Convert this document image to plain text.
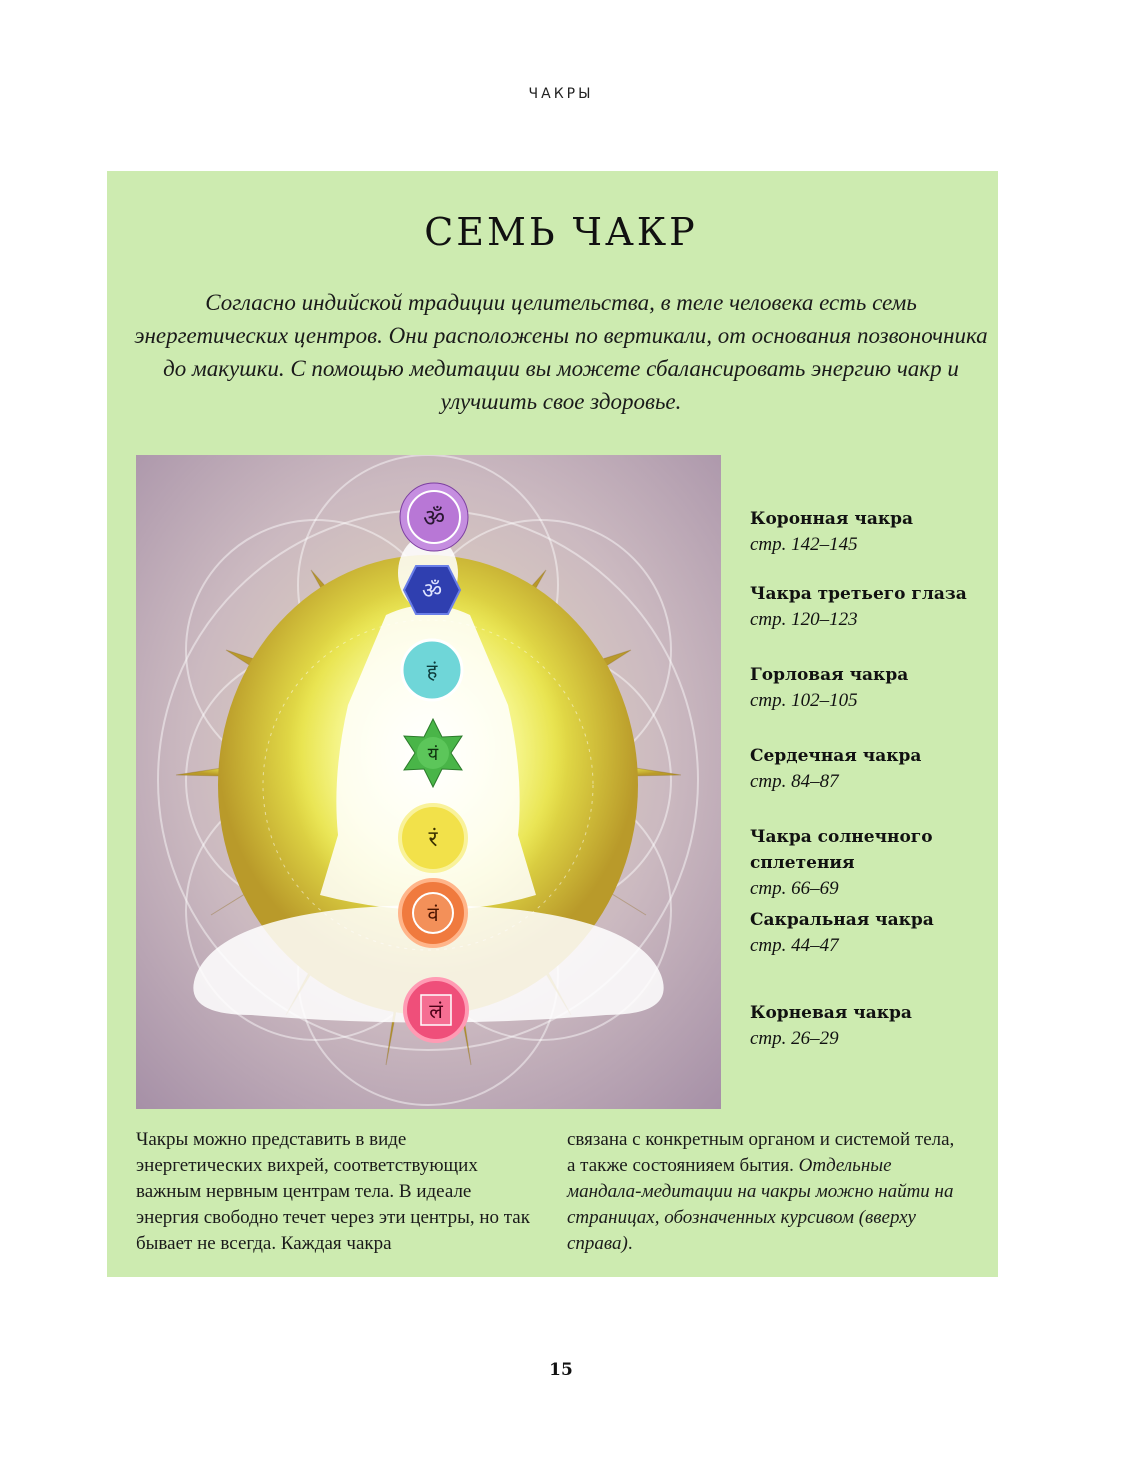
ЧАКРЫ
СЕМЬ ЧАКР
Согласно индийской традиции целительства, в теле человека есть семь энергетических центров. Они расположены по вертикали, от основания позвоночника до макушки. С помощью медитации вы можете сбалансировать энергию чакр и улучшить свое здоровье.
ॐ
ॐ
हं
यं
रं
वं
लं
Коронная чакра
стр. 142–145
Чакра третьего глаза
стр. 120–123
Горловая чакра
стр. 102–105
Сердечная чакра
стр. 84–87
Чакра солнечного сплетения
стр. 66–69
Сакральная чакра
стр. 44–47
Корневая чакра
стр. 26–29
Чакры можно представить в виде энергетических вихрей, соответствующих важным нервным центрам тела. В идеале энергия свободно течет через эти центры, но так бывает не всегда. Каждая чакра
связана с конкретным органом и системой тела, а также состоянияем бытия. Отдельные мандала-медитации на чакры можно найти на страницах, обозначенных курсивом (вверху справа).
15
